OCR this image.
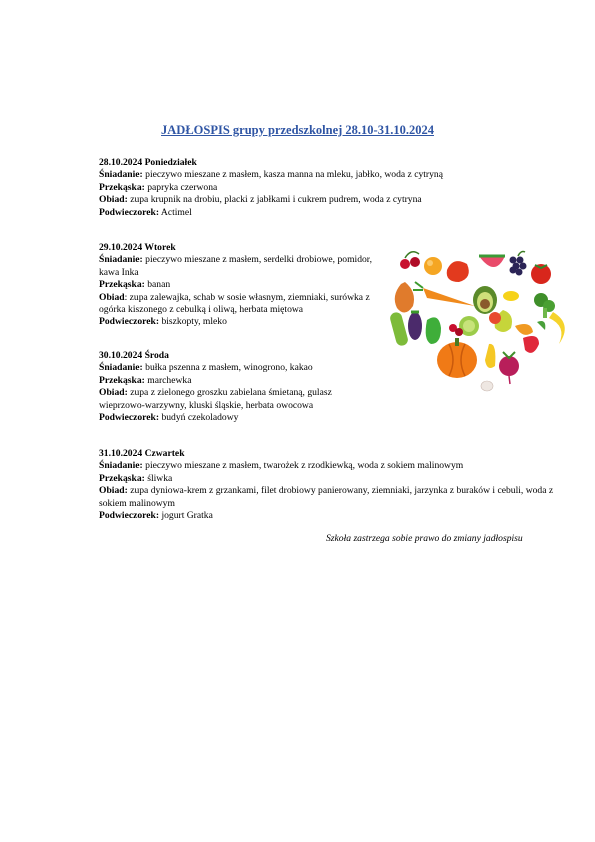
JADŁOSPIS grupy przedszkolnej 28.10-31.10.2024
28.10.2024 Poniedziałek
Śniadanie: pieczywo mieszane z masłem, kasza manna na mleku, jabłko, woda z cytryną
Przekąska: papryka czerwona
Obiad: zupa krupnik na drobiu, placki z jabłkami i cukrem pudrem, woda z cytryna
Podwieczorek: Actimel
29.10.2024 Wtorek
Śniadanie: pieczywo mieszane z masłem, serdelki drobiowe, pomidor, kawa Inka
Przekąska: banan
Obiad: zupa zalewajka, schab w sosie własnym, ziemniaki, surówka z ogórka kiszonego z cebulką i oliwą, herbata miętowa
Podwieczorek: biszkopty, mleko
30.10.2024 Środa
Śniadanie: bułka pszenna z masłem, winogrono, kakao
Przekąska: marchewka
Obiad: zupa z zielonego groszku zabielana śmietaną, gulasz wieprzowo-warzywny, kluski śląskie, herbata owocowa
Podwieczorek: budyń czekoladowy
31.10.2024 Czwartek
Śniadanie: pieczywo mieszane z masłem, twarożek z rzodkiewką, woda z sokiem malinowym
Przekąska: śliwka
Obiad: zupa dyniowa-krem z grzankami, filet drobiowy panierowany, ziemniaki, jarzynka z buraków i cebuli, woda z sokiem malinowym
Podwieczorek: jogurt Gratka
Szkoła zastrzega sobie prawo do zmiany jadłospisu
